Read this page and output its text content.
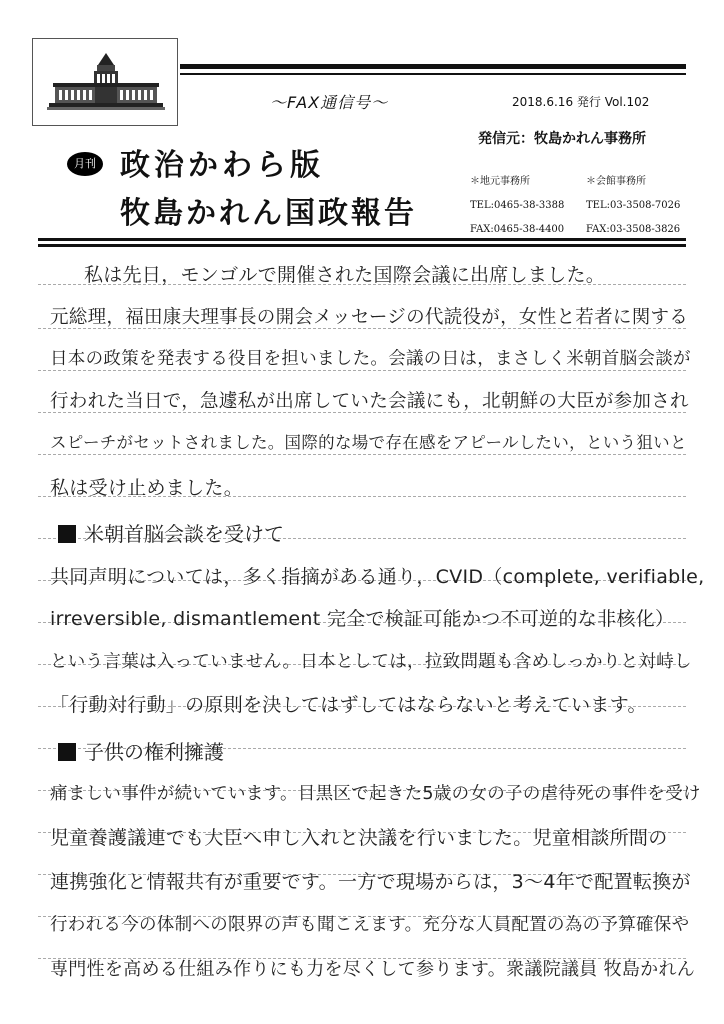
～FAX通信号～	2018.6.16 発行 Vol.102
月刊 政治かわら版
牧島かれん国政報告
発信元：牧島かれん事務所
＊地元事務所
TEL:0465-38-3388
FAX:0465-38-4400
＊会館事務所
TEL:03-3508-7026
FAX:03-3508-3826
私は先日，モンゴルで開催された国際会議に出席しました。
元総理，福田康夫理事長の開会メッセージの代読役が，女性と若者に関する
日本の政策を発表する役目を担いました。会議の日は，まさしく米朝首脳会談が
行われた当日で，急遽私が出席していた会議にも，北朝鮮の大臣が参加され
スピーチがセットされました。国際的な場で存在感をアピールしたい，という狙いと
私は受け止めました。
米朝首脳会談を受けて
共同声明については，多く指摘がある通り，CVID（complete, verifiable,
irreversible, dismantlement 完全で検証可能かつ不可逆的な非核化）
という言葉は入っていません。日本としては，拉致問題も含めしっかりと対峙し
「行動対行動」の原則を決してはずしてはならないと考えています。
子供の権利擁護
痛ましい事件が続いています。目黒区で起きた5歳の女の子の虐待死の事件を受け
児童養護議連でも大臣へ申し入れと決議を行いました。児童相談所間の
連携強化と情報共有が重要です。一方で現場からは，3〜4年で配置転換が
行われる今の体制への限界の声も聞こえます。充分な人員配置の為の予算確保や
専門性を高める仕組み作りにも力を尽くして参ります。衆議院議員 牧島かれん
